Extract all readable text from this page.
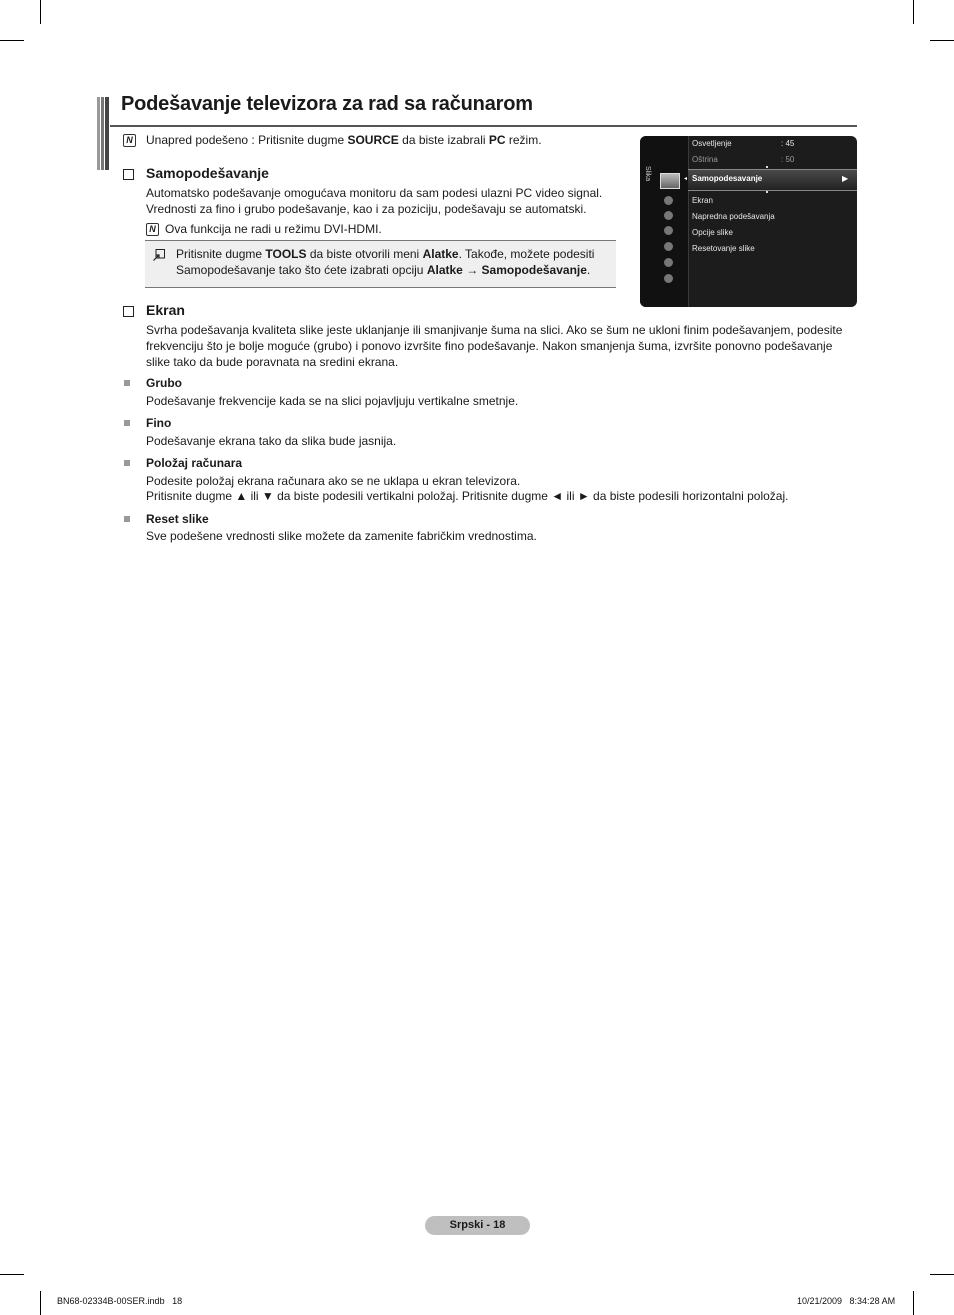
Podešavanje televizora za rad sa računarom
N Unapred podešeno : Pritisnite dugme SOURCE da biste izabrali PC režim.
Samopodešavanje
Automatsko podešavanje omogućava monitoru da sam podesi ulazni PC video signal.
Vrednosti za fino i grubo podešavanje, kao i za poziciju, podešavaju se automatski.
N Ova funkcija ne radi u režimu DVI-HDMI.
Pritisnite dugme TOOLS da biste otvorili meni Alatke. Takođe, možete podesiti
Samopodešavanje tako što ćete izabrati opciju Alatke → Samopodešavanje.
Slika
Osvetljenje	: 45
Oštrina	: 50
◂ Samopodesavanje	▶
Ekran
Napredna podešavanja
Opcije slike
Resetovanje slike
Ekran
Svrha podešavanja kvaliteta slike jeste uklanjanje ili smanjivanje šuma na slici. Ako se šum ne ukloni finim podešavanjem, podesite
frekvenciju što je bolje moguće (grubo) i ponovo izvršite fino podešavanje. Nakon smanjenja šuma, izvršite ponovno podešavanje
slike tako da bude poravnata na sredini ekrana.
Grubo
Podešavanje frekvencije kada se na slici pojavljuju vertikalne smetnje.
Fino
Podešavanje ekrana tako da slika bude jasnija.
Položaj računara
Podesite položaj ekrana računara ako se ne uklapa u ekran televizora.
Pritisnite dugme ▲ ili ▼ da biste podesili vertikalni položaj. Pritisnite dugme ◄ ili ► da biste podesili horizontalni položaj.
Reset slike
Sve podešene vrednosti slike možete da zamenite fabričkim vrednostima.
Srpski - 18
BN68-02334B-00SER.indb   18	10/21/2009   8:34:28 AM
